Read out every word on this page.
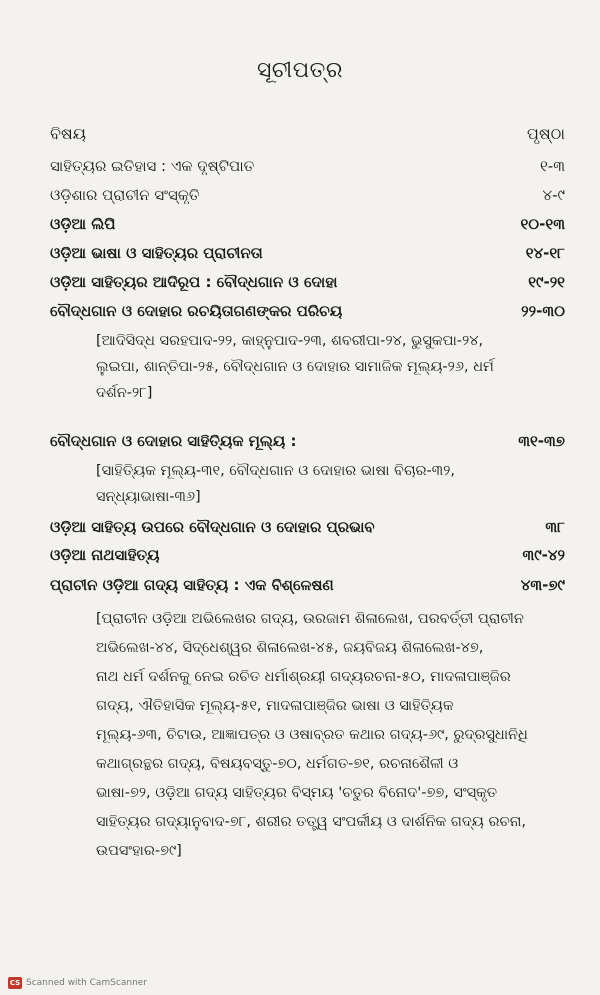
ସୂଚୀପତ୍ର
ବିଷୟ	ପୃଷ୍ଠା
ସାହିତ୍ୟର ଇତିହାସ : ଏକ ଦୃଷ୍ଟିପାତ	୧-୩
ଓଡ଼ିଶାର ପ୍ରାଚୀନ ସଂସ୍କୃତି	୪-୯
ଓଡ଼ିଆ ଲିପି	୧୦-୧୩
ଓଡ଼ିଆ ଭାଷା ଓ ସାହିତ୍ୟର ପ୍ରାଚୀନତା	୧୪-୧୮
ଓଡ଼ିଆ ସାହିତ୍ୟର ଆଦିରୂପ : ବୌଦ୍ଧଗାନ ଓ ଦୋହା	୧୯-୨୧
ବୌଦ୍ଧଗାନ ଓ ଦୋହାର ରଚୟିତାଗଣଙ୍କର ପରିଚୟ	୨୨-୩୦
[ଆଦିସିଦ୍ଧ ସରହପାଦ-୨୨, କାହ୍ନୁପାଦ-୨୩, ଶବରୀପା-୨୪, ଭୁସୁକପା-୨୪,
ଲୁଇପା, ଶାନ୍ତିପା-୨୫, ବୌଦ୍ଧଗାନ ଓ ଦୋହାର ସାମାଜିକ ମୂଲ୍ୟ-୨୬, ଧର୍ମ
ଦର୍ଶନ-୨୮]
ବୌଦ୍ଧଗାନ ଓ ଦୋହାର ସାହିତ୍ୟିକ ମୂଲ୍ୟ :	୩୧-୩୭
[ସାହିତ୍ୟିକ ମୂଲ୍ୟ-୩୧, ବୌଦ୍ଧଗାନ ଓ ଦୋହାର ଭାଷା ବିଚାର-୩୨,
ସନ୍ଧ୍ୟାଭାଷା-୩୬]
ଓଡ଼ିଆ ସାହିତ୍ୟ ଉପରେ ବୌଦ୍ଧଗାନ ଓ ଦୋହାର ପ୍ରଭାବ	୩୮
ଓଡ଼ିଆ ନାଥସାହିତ୍ୟ	୩୯-୪୨
ପ୍ରାଚୀନ ଓଡ଼ିଆ ଗଦ୍ୟ ସାହିତ୍ୟ : ଏକ ବିଶ୍ଳେଷଣ	୪୩-୭୯
[ପ୍ରାଚୀନ ଓଡ଼ିଆ ଅଭିଲେଖର ଗଦ୍ୟ, ଉରଜାମ ଶିଳାଲେଖ, ପରବର୍ତ୍ତୀ ପ୍ରାଚୀନ
ଅଭିଲେଖ-୪୪, ସିଦ୍ଧେଶ୍ୱର ଶିଳାଲେଖ-୪୫, ଜୟବିଜୟ ଶିଳାଲେଖ-୪୭,
ନାଥ ଧର୍ମ ଦର୍ଶନକୁ ନେଇ ରଚିତ ଧର୍ମାଶ୍ରୟୀ ଗଦ୍ୟରଚନା-୫୦, ମାଦଳାପାଞ୍ଜିର
ଗଦ୍ୟ, ଐତିହାସିକ ମୂଲ୍ୟ-୫୧, ମାଦଳାପାଞ୍ଜିର ଭାଷା ଓ ସାହିତ୍ୟିକ
ମୂଲ୍ୟ-୬୩, ଚିଟାଉ, ଆଜ୍ଞାପତ୍ର ଓ ଓଷାବ୍ରତ କଥାର ଗଦ୍ୟ-୬୯, ରୁଦ୍ରସୁଧାନିଧି
କଥାଗ୍ରନ୍ଥର ଗଦ୍ୟ, ବିଷୟବସ୍ତୁ-୭୦, ଧର୍ମଗତ-୭୧, ରଚନାଶୈଳୀ ଓ
ଭାଷା-୭୨, ଓଡ଼ିଆ ଗଦ୍ୟ ସାହିତ୍ୟର ବିସ୍ମୟ 'ଚତୁର ବିନୋଦ'-୭୭, ସଂସ୍କୃତ
ସାହିତ୍ୟର ଗଦ୍ୟାନୁବାଦ-୭୮, ଶରୀର ତତ୍ତ୍ୱ ସଂପର୍କୀୟ ଓ ଦାର୍ଶନିକ ଗଦ୍ୟ ରଚନା,
ଉପସଂହାର-୭୯]
CS Scanned with CamScanner
